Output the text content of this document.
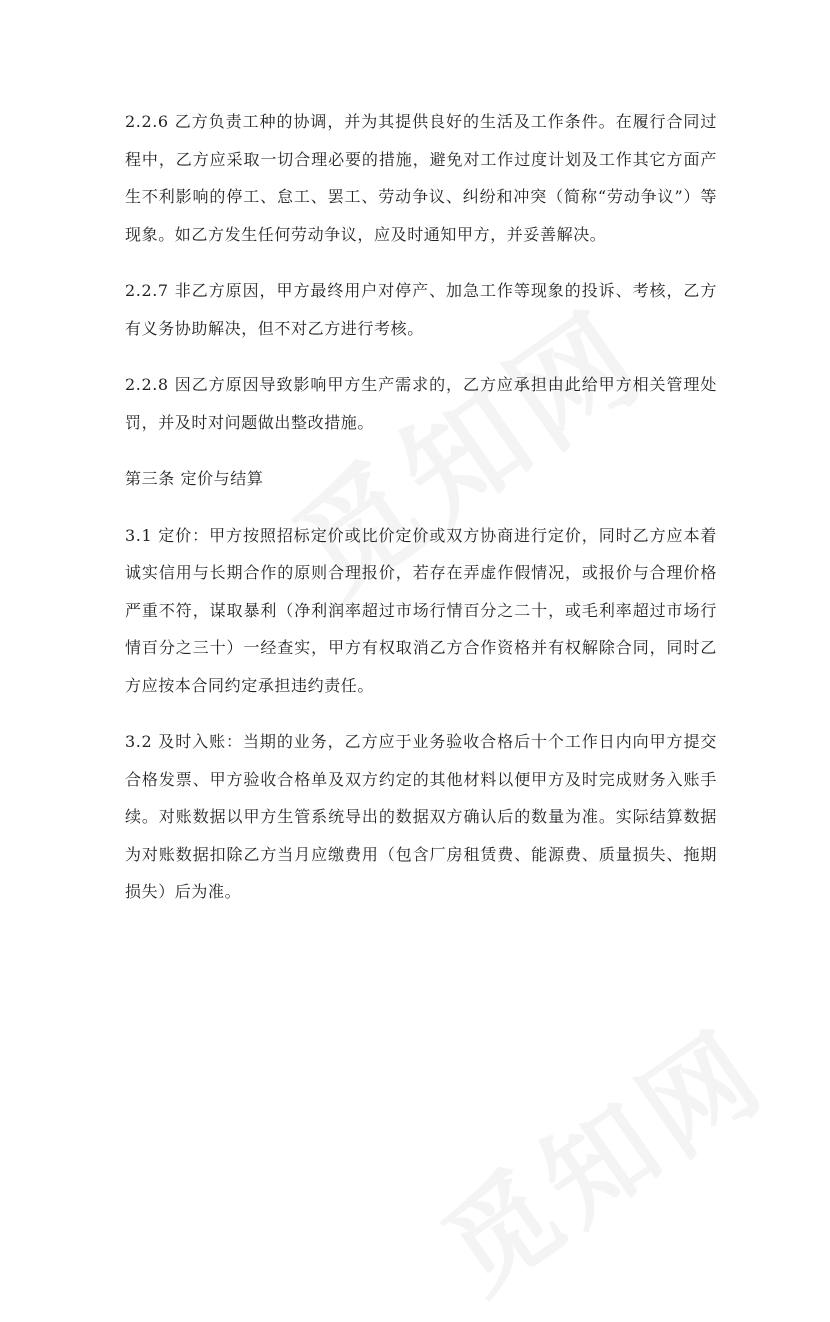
2.2.6 乙方负责工种的协调，并为其提供良好的生活及工作条件。在履行合同过程中，乙方应采取一切合理必要的措施，避免对工作过度计划及工作其它方面产生不利影响的停工、怠工、罢工、劳动争议、纠纷和冲突（简称“劳动争议”）等现象。如乙方发生任何劳动争议，应及时通知甲方，并妥善解决。

2.2.7 非乙方原因，甲方最终用户对停产、加急工作等现象的投诉、考核，乙方有义务协助解决，但不对乙方进行考核。

2.2.8 因乙方原因导致影响甲方生产需求的，乙方应承担由此给甲方相关管理处罚，并及时对问题做出整改措施。

第三条 定价与结算

3.1 定价：甲方按照招标定价或比价定价或双方协商进行定价，同时乙方应本着诚实信用与长期合作的原则合理报价，若存在弄虚作假情况，或报价与合理价格严重不符，谋取暴利（净利润率超过市场行情百分之二十，或毛利率超过市场行情百分之三十）一经查实，甲方有权取消乙方合作资格并有权解除合同，同时乙方应按本合同约定承担违约责任。

3.2 及时入账：当期的业务，乙方应于业务验收合格后十个工作日内向甲方提交合格发票、甲方验收合格单及双方约定的其他材料以便甲方及时完成财务入账手续。对账数据以甲方生管系统导出的数据双方确认后的数量为准。实际结算数据为对账数据扣除乙方当月应缴费用（包含厂房租赁费、能源费、质量损失、拖期损失）后为准。
